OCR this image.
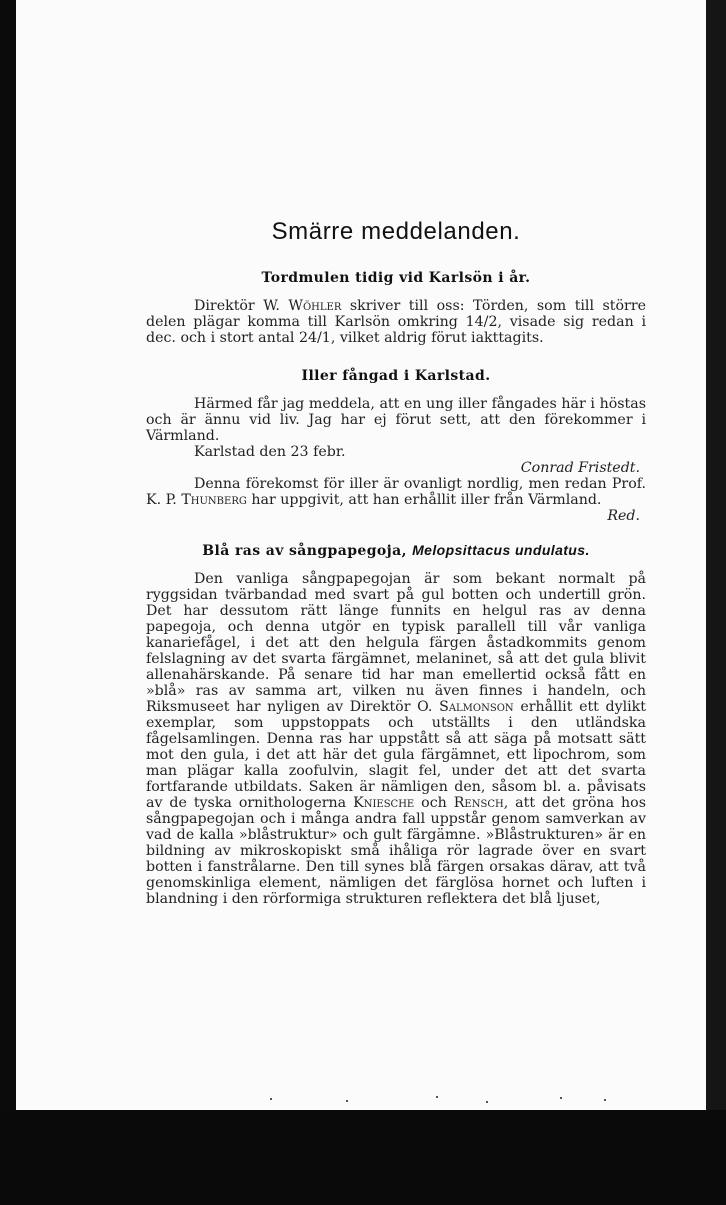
Smärre meddelanden.
Tordmulen tidig vid Karlsön i år.

Direktör W. Wöhler skriver till oss: Törden, som till större delen plägar komma till Karlsön omkring 14/2, visade sig redan i dec. och i stort antal 24/1, vilket aldrig förut iakttagits.

Iller fångad i Karlstad.

Härmed får jag meddela, att en ung iller fångades här i höstas och är ännu vid liv. Jag har ej förut sett, att den förekommer i Värmland.

Karlstad den 23 febr.

Conrad Fristedt.

Denna förekomst för iller är ovanligt nordlig, men redan Prof. K. P. Thunberg har uppgivit, att han erhållit iller från Värmland.

Red.
Blå ras av sångpapegoja, Melopsittacus undulatus.

Den vanliga sångpapegojan är som bekant normalt på ryggsidan tvärbandad med svart på gul botten och undertill grön. Det har dessutom rätt länge funnits en helgul ras av denna papegoja, och denna utgör en typisk parallell till vår vanliga kanariefågel, i det att den helgula färgen åstadkommits genom felslagning av det svarta färgämnet, melaninet, så att det gula blivit allenahärskande. På senare tid har man emellertid också fått en »blå» ras av samma art, vilken nu även finnes i handeln, och Riksmuseet har nyligen av Direktör O. Salmonson erhållit ett dylikt exemplar, som uppstoppats och utställts i den utländska fågelsamlingen. Denna ras har uppstått så att säga på motsatt sätt mot den gula, i det att här det gula färgämnet, ett lipochrom, som man plägar kalla zoofulvin, slagit fel, under det att det svarta fortfarande utbildats. Saken är nämligen den, såsom bl. a. påvisats av de tyska ornithologerna Kniesche och Rensch, att det gröna hos sångpapegojan och i många andra fall uppstår genom samverkan av vad de kalla »blåstruktur» och gult färgämne. »Blåstrukturen» är en bildning av mikroskopiskt små ihåliga rör lagrade över en svart botten i fanstrålarne. Den till synes blå färgen orsakas därav, att två genomskinliga element, nämligen det färglösa hornet och luften i blandning i den rörformiga strukturen reflektera det blå ljuset,
